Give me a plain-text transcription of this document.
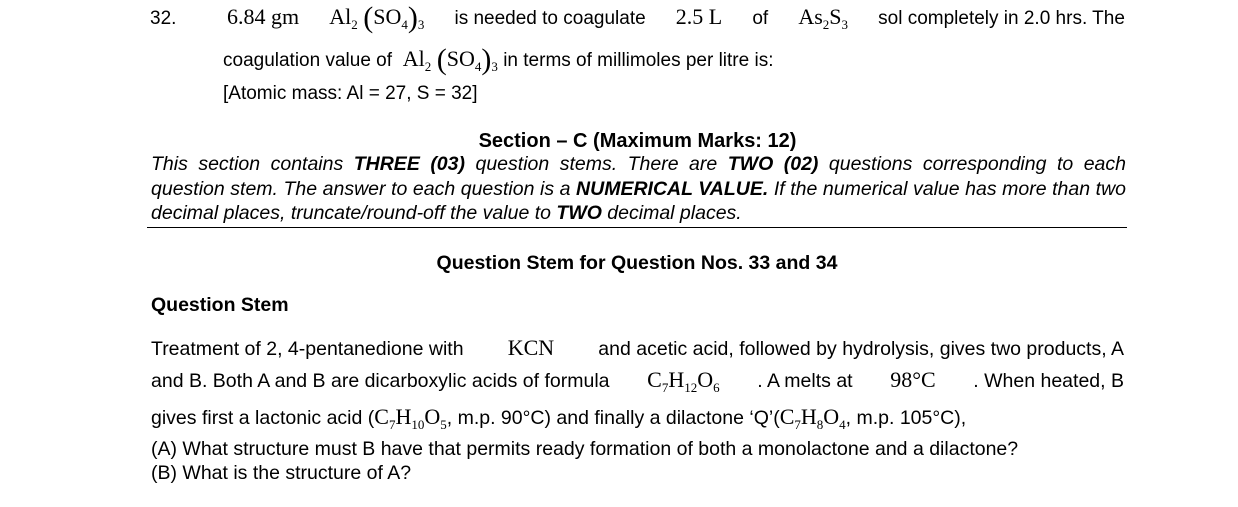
32. 6.84 gm $Al_2$ $(SO_4)_3$ is needed to coagulate 2.5 L of $As_2S_3$ sol completely in 2.0 hrs. The
coagulation value of  $Al_2$ $(SO_4)_3$ in terms of millimoles per litre is:
[Atomic mass: Al = 27, S = 32]
Section – C (Maximum Marks: 12)
This section contains THREE (03) question stems. There are TWO (02) questions corresponding to each question stem. The answer to each question is a NUMERICAL VALUE. If the numerical value has more than two decimal places, truncate/round-off the value to TWO decimal places.
Question Stem for Question Nos. 33 and 34
Question Stem
Treatment of 2, 4-pentanedione with KCN and acetic acid, followed by hydrolysis, gives two products, A
and B. Both A and B are dicarboxylic acids of formula $C_7H_{12}O_6$ . A melts at 98°C . When heated, B
gives first a lactonic acid ($C_7H_{10}O_5$, m.p. 90°C) and finally a dilactone ‘$Q’(C_7H_8O_4$, m.p. 105°C),
(A) What structure must B have that permits ready formation of both a monolactone and a dilactone?
(B) What is the structure of A?
